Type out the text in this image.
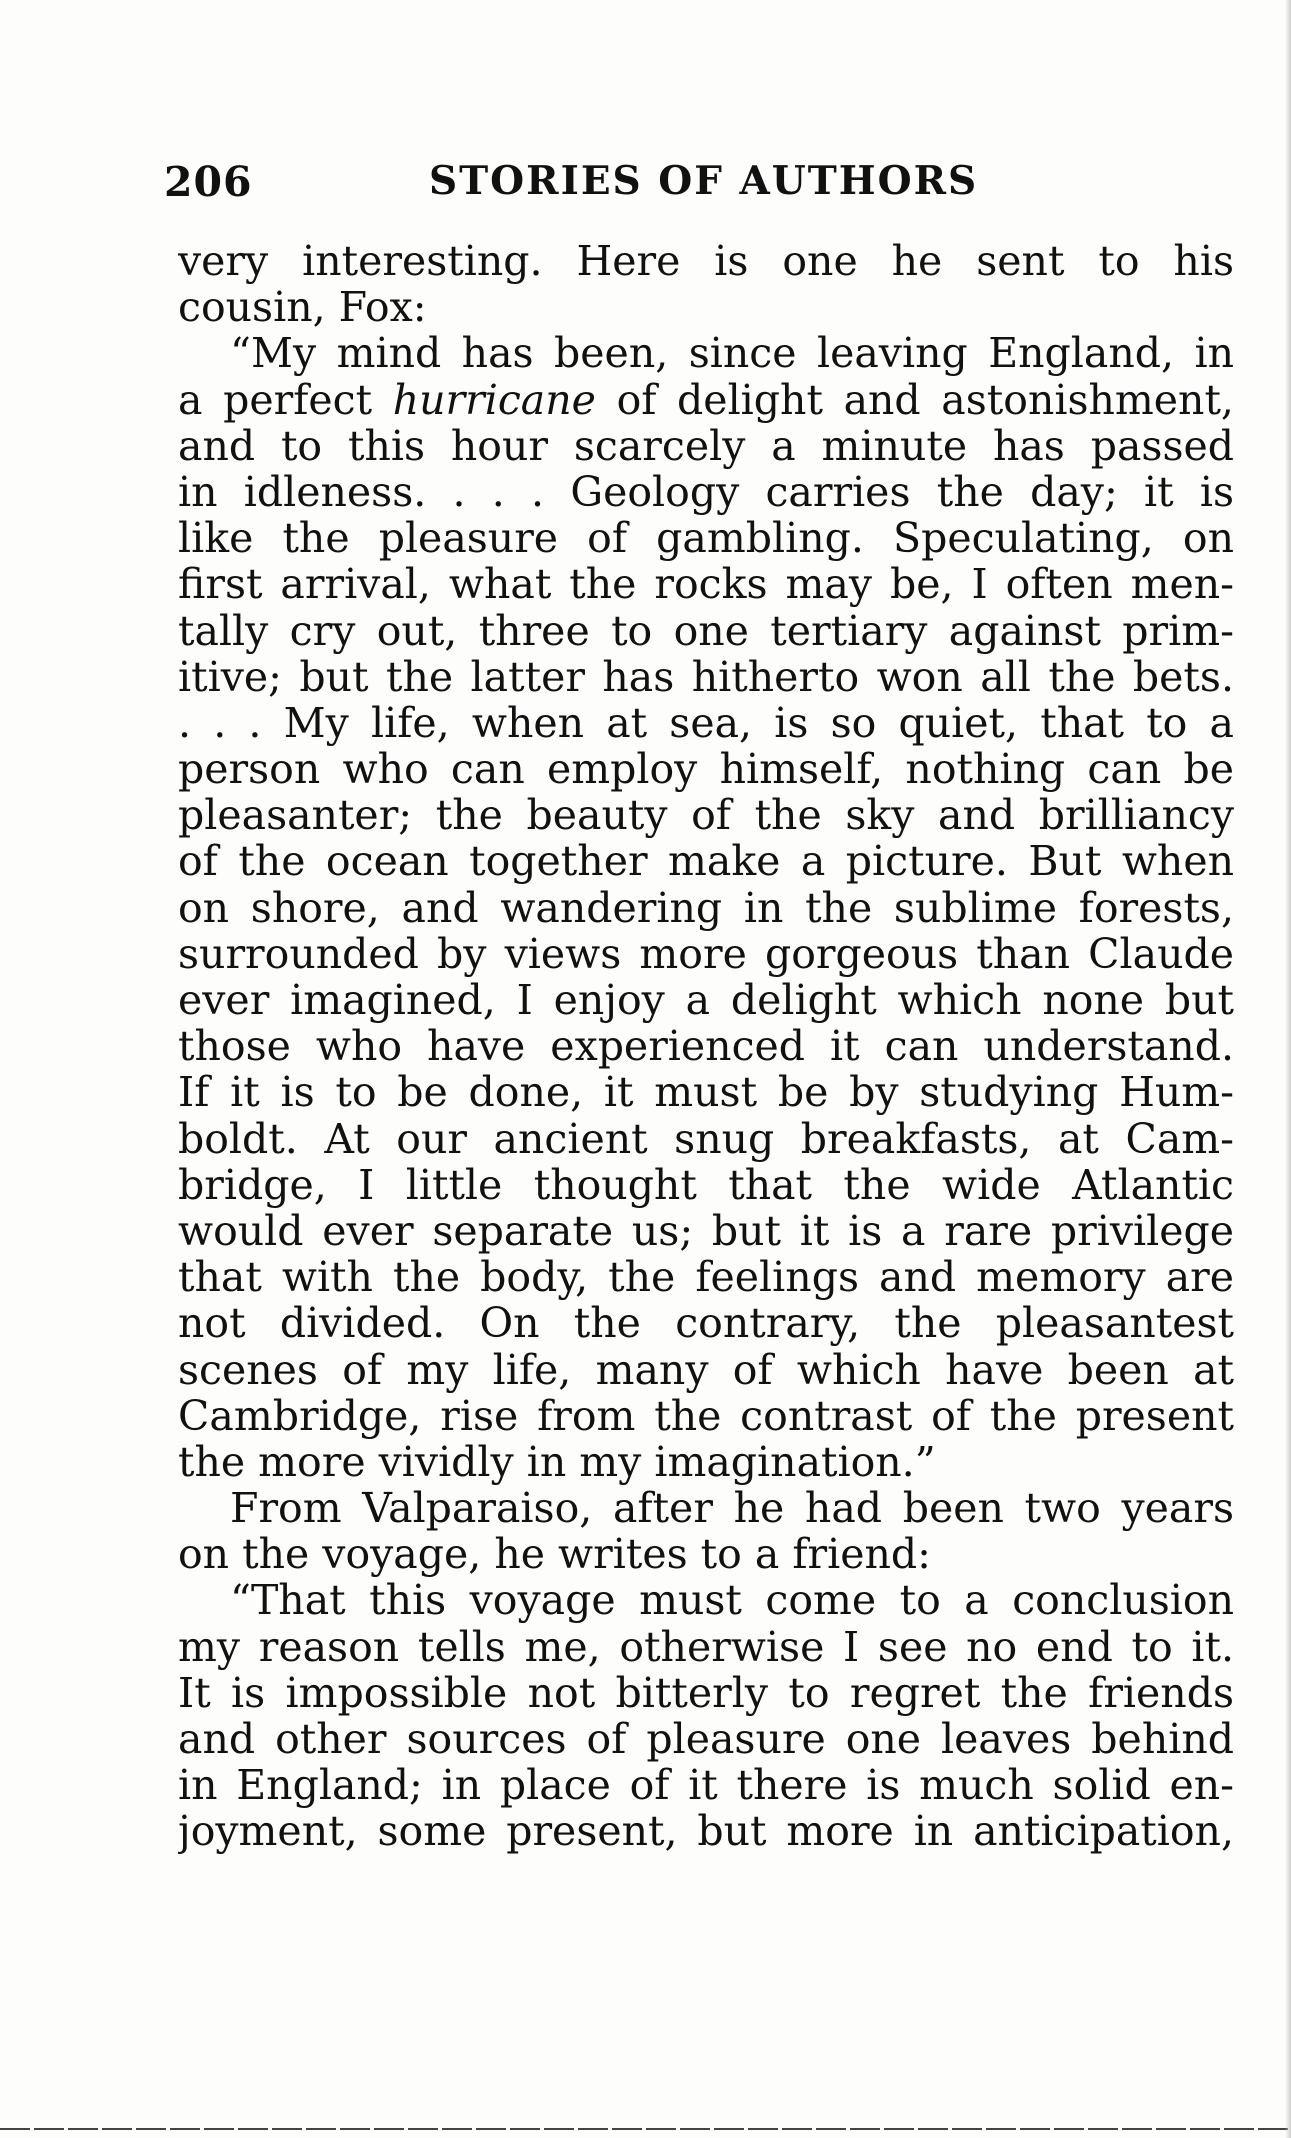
206	STORIES OF AUTHORS
very interesting. Here is one he sent to his
cousin, Fox:
“My mind has been, since leaving England, in
a perfect hurricane of delight and astonishment,
and to this hour scarcely a minute has passed
in idleness. . . . Geology carries the day; it is
like the pleasure of gambling. Speculating, on
first arrival, what the rocks may be, I often men-
tally cry out, three to one tertiary against prim-
itive; but the latter has hitherto won all the bets.
. . . My life, when at sea, is so quiet, that to a
person who can employ himself, nothing can be
pleasanter; the beauty of the sky and brilliancy
of the ocean together make a picture. But when
on shore, and wandering in the sublime forests,
surrounded by views more gorgeous than Claude
ever imagined, I enjoy a delight which none but
those who have experienced it can understand.
If it is to be done, it must be by studying Hum-
boldt. At our ancient snug breakfasts, at Cam-
bridge, I little thought that the wide Atlantic
would ever separate us; but it is a rare privilege
that with the body, the feelings and memory are
not divided. On the contrary, the pleasantest
scenes of my life, many of which have been at
Cambridge, rise from the contrast of the present
the more vividly in my imagination.”
From Valparaiso, after he had been two years
on the voyage, he writes to a friend:
“That this voyage must come to a conclusion
my reason tells me, otherwise I see no end to it.
It is impossible not bitterly to regret the friends
and other sources of pleasure one leaves behind
in England; in place of it there is much solid en-
joyment, some present, but more in anticipation,
